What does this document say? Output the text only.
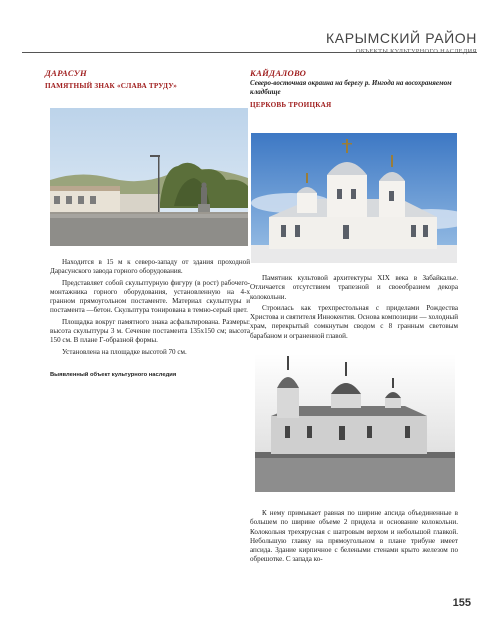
КАРЫМСКИЙ РАЙОН
ДАРАСУН
ПАМЯТНЫЙ ЗНАК «СЛАВА ТРУДУ»

Находится в 15 м к северо-западу от здания проходной Дарасунского завода горного оборудования.

Представляет собой скульптурную фигуру (в рост) рабочего-монтажника горного оборудования, установленную на 4-х гранном прямоугольном постаменте. Материал скульптуры и постамента —бетон. Скульптура тонирована в темно-серый цвет.

Площадка вокруг памятного знака асфальтирована. Размеры: высота скульптуры 3 м. Сечение постамента 135х150 см; высота 150 см. В плане Г-образной формы.

Установлена на площадке высотой 70 см.

Выявленный объект культурного наследия
КАЙДАЛОВО
Северо-восточная окраина на берегу р. Ингода на восохраняемом кладбище
ЦЕРКОВЬ ТРОИЦКАЯ

Памятник культовой архитектуры XIX века в Забайкалье. Отличается отсутствием трапезной и своеобразием декора колокольни.

Строилась как трехпрестольная с приделами Рождества Христова и святителя Иннокентия. Основа композиции — холодный храм, перекрытый сомкнутым сводом с 8 гранным световым барабаном и ограненной главой.

К нему примыкает равная по ширине апсида объединенные в большем по ширине объеме 2 придела и основание колокольни. Колокольня трехярусная с шатровым верхом и небольшой главкой. Небольшую главку на прямоугольном в плане трибуне имеет апсида. Здание кирпичное с белеными стенами крыто железом по обрешотке. С запада ко-

155
